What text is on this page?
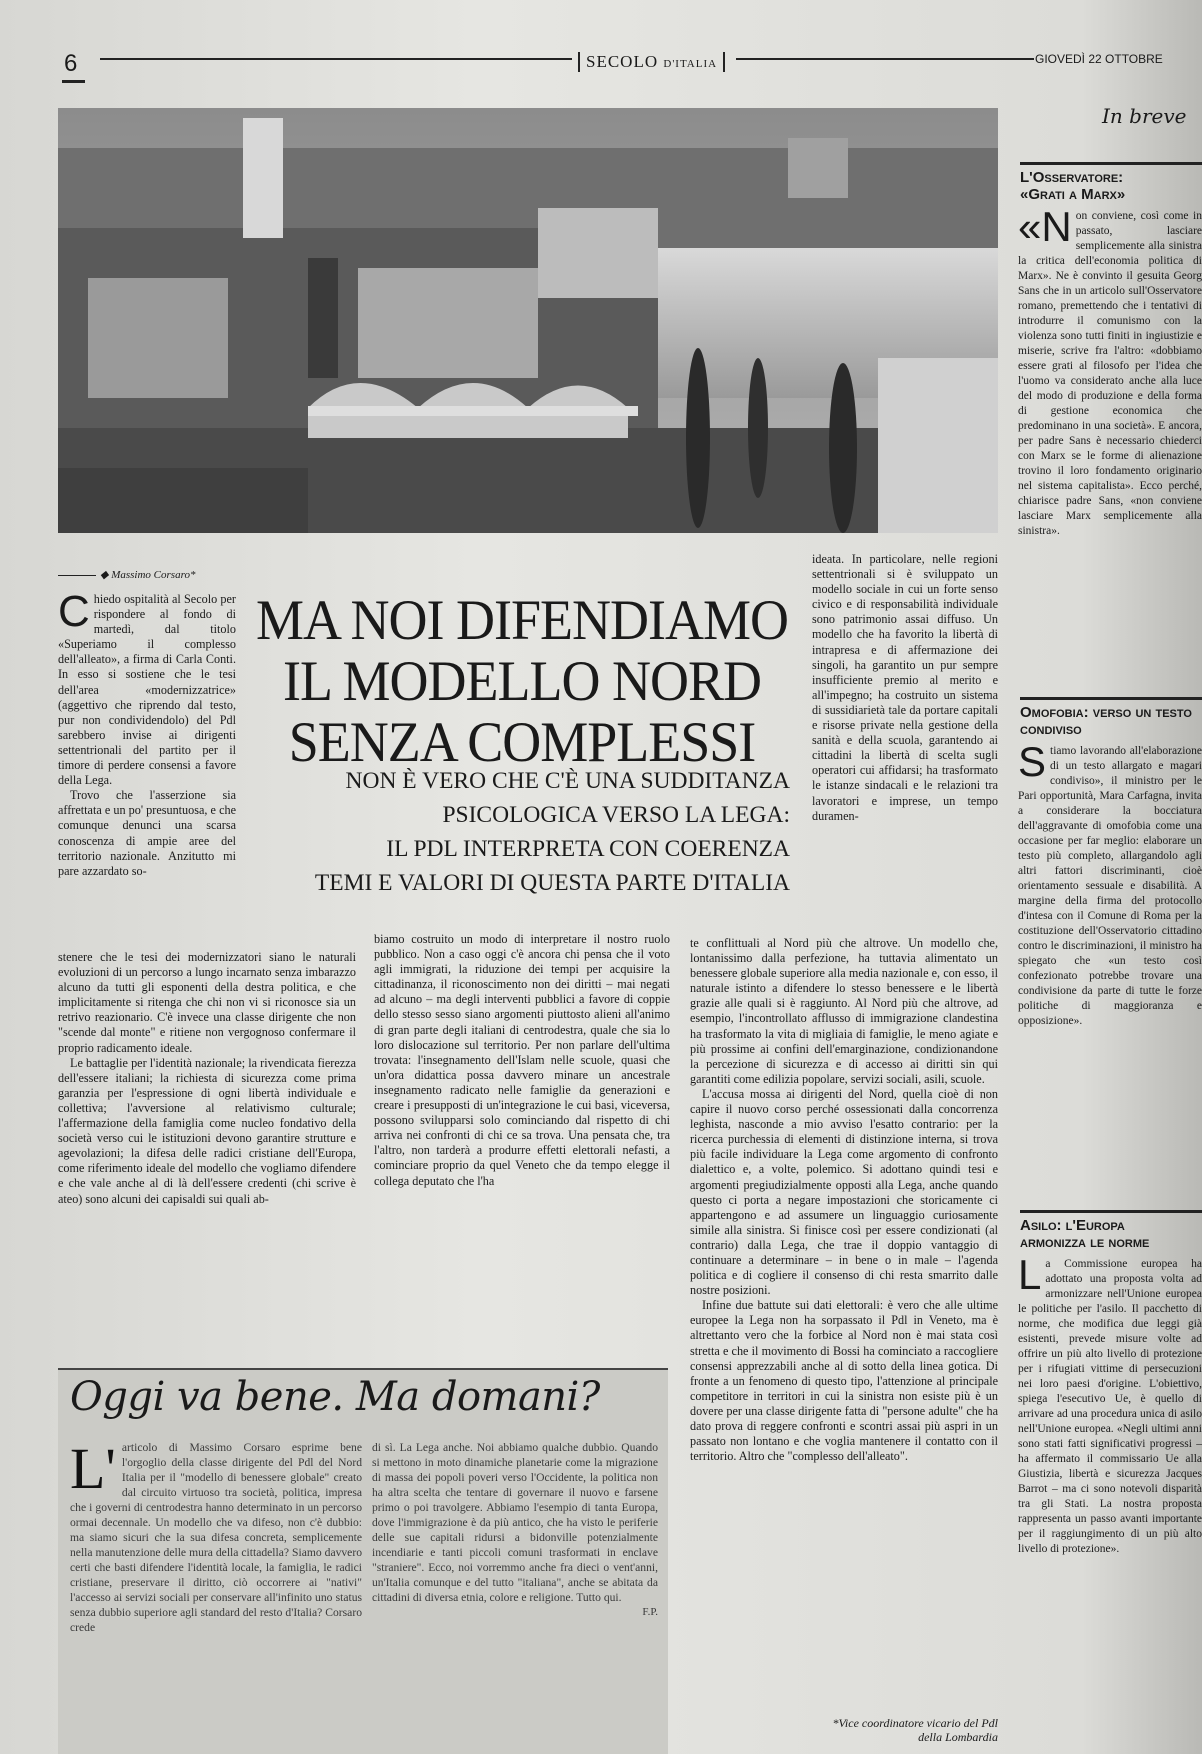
6	SECOLO D'ITALIA	GIOVEDÌ 22 OTTOBRE
◆ Massimo Corsaro*
MA NOI DIFENDIAMO
IL MODELLO NORD
SENZA COMPLESSI
NON È VERO CHE C'È UNA SUDDITANZA
PSICOLOGICA VERSO LA LEGA:
IL PDL INTERPRETA CON COERENZA
TEMI E VALORI DI QUESTA PARTE D'ITALIA

Chiedo ospitalità al Secolo per rispondere al fondo di martedì, dal titolo «Superiamo il complesso dell'alleato», a firma di Carla Conti. In esso si sostiene che le tesi dell'area «modernizzatrice» (aggettivo che riprendo dal testo, pur non condividendolo) del Pdl sarebbero invise ai dirigenti settentrionali del partito per il timore di perdere consensi a favore della Lega.

Trovo che l'asserzione sia affrettata e un po' presuntuosa, e che comunque denunci una scarsa conoscenza di ampie aree del territorio nazionale. Anzitutto mi pare azzardato so-

stenere che le tesi dei modernizzatori siano le naturali evoluzioni di un percorso a lungo incarnato senza imbarazzo alcuno da tutti gli esponenti della destra politica, e che implicitamente si ritenga che chi non vi si riconosce sia un retrivo reazionario. C'è invece una classe dirigente che non "scende dal monte" e ritiene non vergognoso confermare il proprio radicamento ideale.

Le battaglie per l'identità nazionale; la rivendicata fierezza dell'essere italiani; la richiesta di sicurezza come prima garanzia per l'espressione di ogni libertà individuale e collettiva; l'avversione al relativismo culturale; l'affermazione della famiglia come nucleo fondativo della società verso cui le istituzioni devono garantire strutture e agevolazioni; la difesa delle radici cristiane dell'Europa, come riferimento ideale del modello che vogliamo difendere e che vale anche al di là dell'essere credenti (chi scrive è ateo) sono alcuni dei capisaldi sui quali ab-

biamo costruito un modo di interpretare il nostro ruolo pubblico. Non a caso oggi c'è ancora chi pensa che il voto agli immigrati, la riduzione dei tempi per acquisire la cittadinanza, il riconoscimento non dei diritti – mai negati ad alcuno – ma degli interventi pubblici a favore di coppie dello stesso sesso siano argomenti piuttosto alieni all'animo di gran parte degli italiani di centrodestra, quale che sia lo loro dislocazione sul territorio. Per non parlare dell'ultima trovata: l'insegnamento dell'Islam nelle scuole, quasi che un'ora didattica possa davvero minare un ancestrale insegnamento radicato nelle famiglie da generazioni e creare i presupposti di un'integrazione le cui basi, viceversa, possono svilupparsi solo cominciando dal rispetto di chi arriva nei confronti di chi ce sa trova. Una pensata che, tra l'altro, non tarderà a produrre effetti elettorali nefasti, a cominciare proprio da quel Veneto che da tempo elegge il collega deputato che l'ha

ideata. In particolare, nelle regioni settentrionali si è sviluppato un modello sociale in cui un forte senso civico e di responsabilità individuale sono patrimonio assai diffuso. Un modello che ha favorito la libertà di intrapresa e di affermazione dei singoli, ha garantito un pur sempre insufficiente premio al merito e all'impegno; ha costruito un sistema di sussidiarietà tale da portare capitali e risorse private nella gestione della sanità e della scuola, garantendo ai cittadini la libertà di scelta sugli operatori cui affidarsi; ha trasformato le istanze sindacali e le relazioni tra lavoratori e imprese, un tempo duramen-

te conflittuali al Nord più che altrove. Un modello che, lontanissimo dalla perfezione, ha tuttavia alimentato un benessere globale superiore alla media nazionale e, con esso, il naturale istinto a difendere lo stesso benessere e le libertà grazie alle quali si è raggiunto. Al Nord più che altrove, ad esempio, l'incontrollato afflusso di immigrazione clandestina ha trasformato la vita di migliaia di famiglie, le meno agiate e più prossime ai confini dell'emarginazione, condizionandone la percezione di sicurezza e di accesso ai diritti sin qui garantiti come edilizia popolare, servizi sociali, asili, scuole.

L'accusa mossa ai dirigenti del Nord, quella cioè di non capire il nuovo corso perché ossessionati dalla concorrenza leghista, nasconde a mio avviso l'esatto contrario: per la ricerca purchessia di elementi di distinzione interna, si trova più facile individuare la Lega come argomento di confronto dialettico e, a volte, polemico. Si adottano quindi tesi e argomenti pregiudizialmente opposti alla Lega, anche quando questo ci porta a negare impostazioni che storicamente ci appartengono e ad assumere un linguaggio curiosamente simile alla sinistra. Si finisce così per essere condizionati (al contrario) dalla Lega, che trae il doppio vantaggio di continuare a determinare – in bene o in male – l'agenda politica e di cogliere il consenso di chi resta smarrito dalle nostre posizioni.

Infine due battute sui dati elettorali: è vero che alle ultime europee la Lega non ha sorpassato il Pdl in Veneto, ma è altrettanto vero che la forbice al Nord non è mai stata così stretta e che il movimento di Bossi ha cominciato a raccogliere consensi apprezzabili anche al di sotto della linea gotica. Di fronte a un fenomeno di questo tipo, l'attenzione al principale competitore in territori in cui la sinistra non esiste più è un dovere per una classe dirigente fatta di "persone adulte" che ha dato prova di reggere confronti e scontri assai più aspri in un passato non lontano e che voglia mantenere il contatto con il territorio. Altro che "complesso dell'alleato".

*Vice coordinatore vicario del Pdl
della Lombardia
Oggi va bene. Ma domani?
L' articolo di Massimo Corsaro esprime bene l'orgoglio della classe dirigente del Pdl del Nord Italia per il "modello di benessere globale" creato dal circuito virtuoso tra società, politica, impresa che i governi di centrodestra hanno determinato in un percorso ormai decennale. Un modello che va difeso, non c'è dubbio: ma siamo sicuri che la sua difesa concreta, semplicemente nella manutenzione delle mura della cittadella? Siamo davvero certi che basti difendere l'identità locale, la famiglia, le radici cristiane, preservare il diritto, ciò occorrere ai "nativi" l'accesso ai servizi sociali per conservare all'infinito uno status senza dubbio superiore agli standard del resto d'Italia? Corsaro crede
di sì. La Lega anche. Noi abbiamo qualche dubbio. Quando si mettono in moto dinamiche planetarie come la migrazione di massa dei popoli poveri verso l'Occidente, la politica non ha altra scelta che tentare di governare il nuovo e farsene primo o poi travolgere. Abbiamo l'esempio di tanta Europa, dove l'immigrazione è da più antico, che ha visto le periferie delle sue capitali ridursi a bidonville potenzialmente incendiarie e tanti piccoli comuni trasformati in enclave "straniere". Ecco, noi vorremmo anche fra dieci o vent'anni, un'Italia comunque e del tutto "italiana", anche se abitata da cittadini di diversa etnia, colore e religione. Tutto qui.
F.P.
In breve
L'Osservatore:
«Grati a Marx»
«Non conviene, così come in passato, lasciare semplicemente alla sinistra la critica dell'economia politica di Marx». Ne è convinto il gesuita Georg Sans che in un articolo sull'Osservatore romano, premettendo che i tentativi di introdurre il comunismo con la violenza sono tutti finiti in ingiustizie e miserie, scrive fra l'altro: «dobbiamo essere grati al filosofo per l'idea che l'uomo va considerato anche alla luce del modo di produzione e della forma di gestione economica che predominano in una società». E ancora, per padre Sans è necessario chiederci con Marx se le forme di alienazione trovino il loro fondamento originario nel sistema capitalista». Ecco perché, chiarisce padre Sans, «non conviene lasciare Marx semplicemente alla sinistra».
Omofobia: verso un testo condiviso
Stiamo lavorando all'elaborazione di un testo allargato e magari condiviso», il ministro per le Pari opportunità, Mara Carfagna, invita a considerare la bocciatura dell'aggravante di omofobia come una occasione per far meglio: elaborare un testo più completo, allargandolo agli altri fattori discriminanti, cioè orientamento sessuale e disabilità. A margine della firma del protocollo d'intesa con il Comune di Roma per la costituzione dell'Osservatorio cittadino contro le discriminazioni, il ministro ha spiegato che «un testo così confezionato potrebbe trovare una condivisione da parte di tutte le forze politiche di maggioranza e opposizione».
Asilo: l'Europa
armonizza le norme
La Commissione europea ha adottato una proposta volta ad armonizzare nell'Unione europea le politiche per l'asilo. Il pacchetto di norme, che modifica due leggi già esistenti, prevede misure volte ad offrire un più alto livello di protezione per i rifugiati vittime di persecuzioni nei loro paesi d'origine. L'obiettivo, spiega l'esecutivo Ue, è quello di arrivare ad una procedura unica di asilo nell'Unione europea. «Negli ultimi anni sono stati fatti significativi progressi – ha affermato il commissario Ue alla Giustizia, libertà e sicurezza Jacques Barrot – ma ci sono notevoli disparità tra gli Stati. La nostra proposta rappresenta un passo avanti importante per il raggiungimento di un più alto livello di protezione».
